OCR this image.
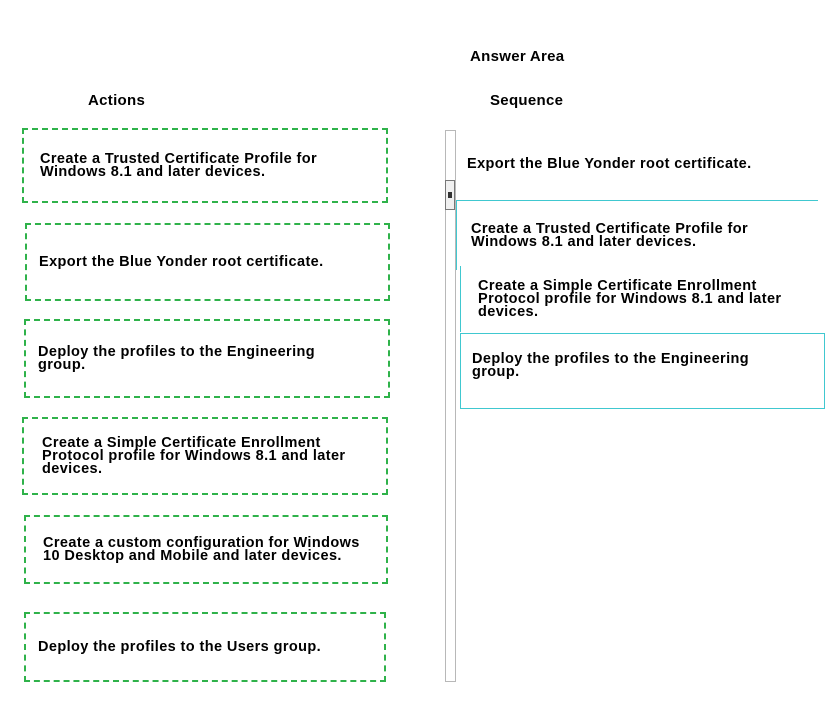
Answer Area
Actions	Sequence
Create a Trusted Certificate Profile for Windows 8.1 and later devices.
Export the Blue Yonder root certificate.
Deploy the profiles to the Engineering group.
Create a Simple Certificate Enrollment Protocol profile for Windows 8.1 and later devices.
Create a custom configuration for Windows 10 Desktop and Mobile and later devices.
Deploy the profiles to the Users group.
Export the Blue Yonder root certificate.
Create a Trusted Certificate Profile for Windows 8.1 and later devices.
Create a Simple Certificate Enrollment Protocol profile for Windows 8.1 and later devices.
Deploy the profiles to the Engineering group.
